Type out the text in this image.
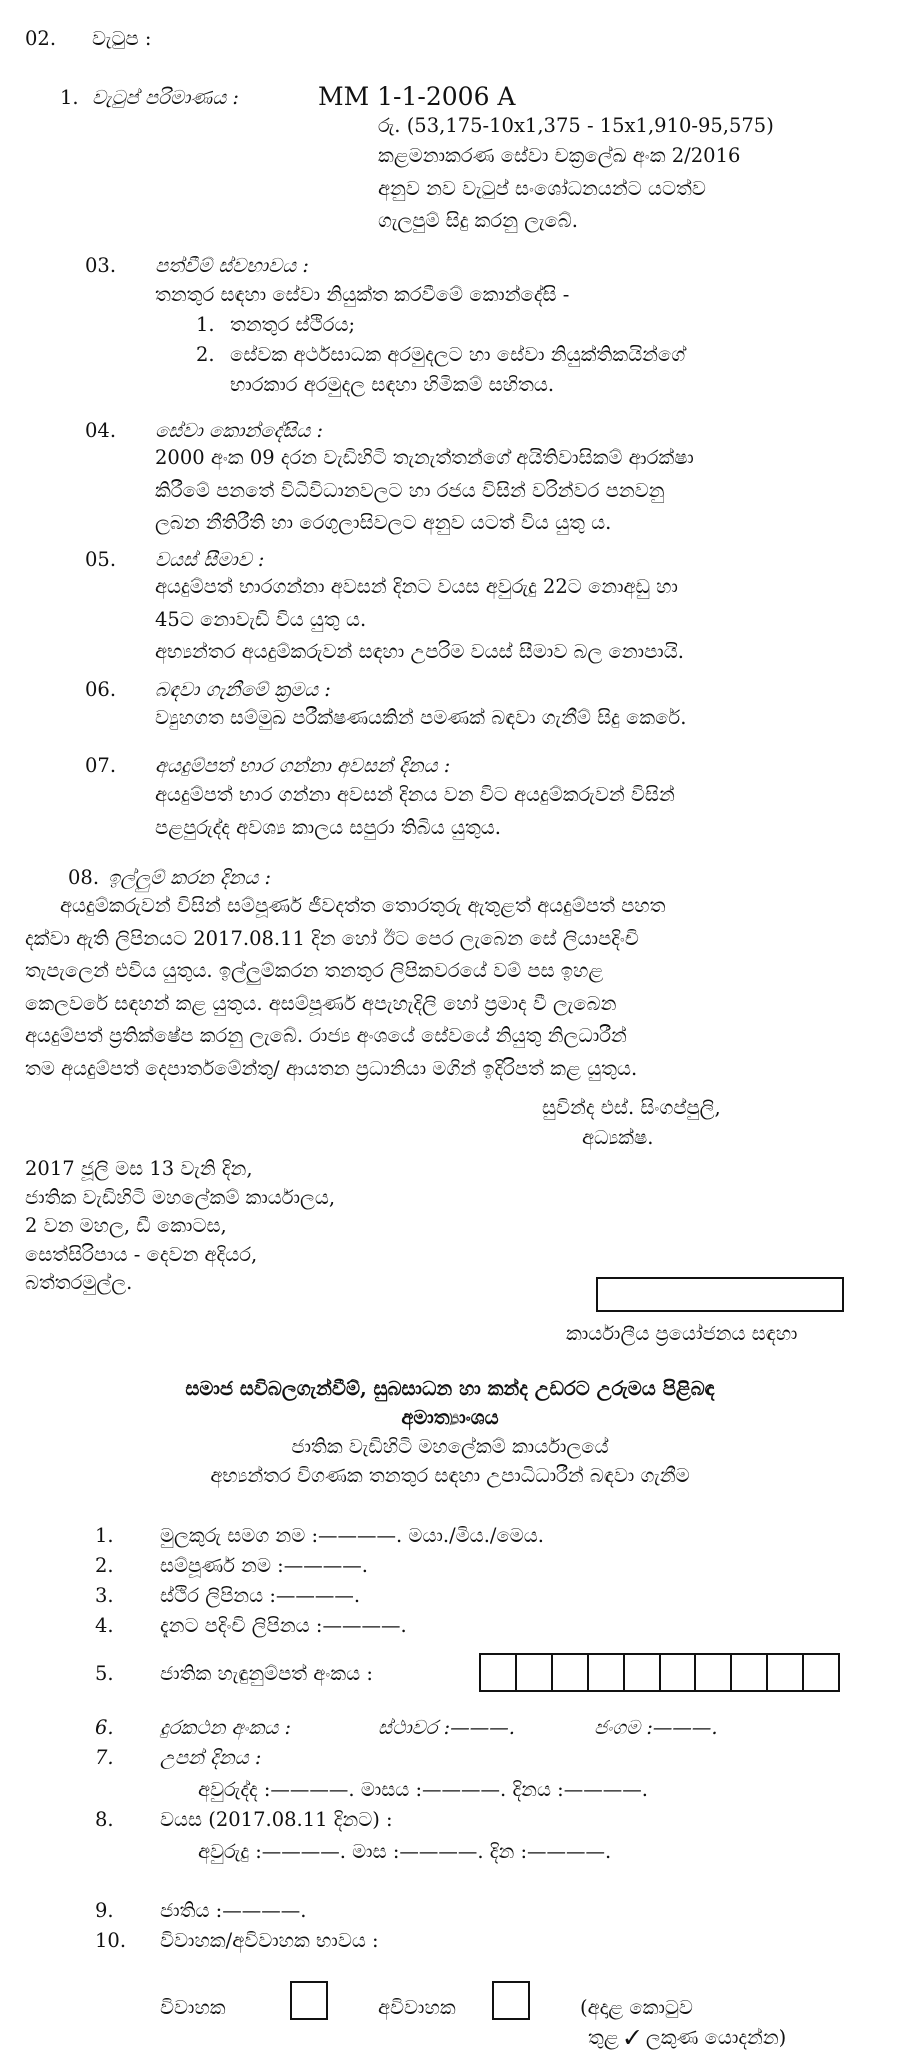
02. වැටුප :
1. වැටුප් පරිමාණය :	MM 1-1-2006 A
රු. (53,175-10x1,375 - 15x1,910-95,575)
කළමනාකරණ සේවා චක්‍රලේඛ අංක 2/2016
අනුව නව වැටුප් සංශෝධනයන්ට යටත්ව
ගැලපුම් සිදු කරනු ලැබේ.
03. පත්වීම් ස්වභාවය :
තනතුර සඳහා සේවා නියුක්ත කරවීමේ කොන්දේසි -
1. තනතුර ස්ථිරය;
2. සේවක අර්ථසාධක අරමුදලට හා සේවා නියුක්තිකයින්ගේ
භාරකාර අරමුදල සඳහා හිමිකම් සහිතය.
04. සේවා කොන්දේසිය :
2000 අංක 09 දරන වැඩිහිටි තැනැත්තන්ගේ අයිතිවාසිකම් ආරක්ෂා
කිරීමේ පනතේ විධිවිධානවලට හා රජය විසින් වරින්වර පනවනු
ලබන නීතිරීති හා රෙගුලාසිවලට අනුව යටත් විය යුතු ය.
05. වයස් සීමාව :
අයදුම්පත් භාරගන්නා අවසන් දිනට වයස අවුරුදු 22ට නොඅඩු හා
45ට නොවැඩි විය යුතු ය.
අභ්‍යන්තර අයදුම්කරුවන් සඳහා උපරිම වයස් සීමාව බල නොපායි.
06. බඳවා ගැනීමේ ක්‍රමය :
ව්‍යුහගත සම්මුඛ පරීක්ෂණයකින් පමණක් බඳවා ගැනීම් සිදු කෙරේ.
07. අයදුම්පත් භාර ගන්නා අවසන් දිනය :
අයදුම්පත් භාර ගන්නා අවසන් දිනය වන විට අයදුම්කරුවන් විසින්
පළපුරුද්ද අවශ්‍ය කාලය සපුරා තිබිය යුතුය.
08. ඉල්ලුම් කරන දිනය :
අයදුම්කරුවන් විසින් සම්පූර්ණ ජීවදත්ත තොරතුරු ඇතුළත් අයදුම්පත් පහත
දක්වා ඇති ලිපිනයට 2017.08.11 දින හෝ ඊට පෙර ලැබෙන සේ ලියාපදිංචි
තැපැලෙන් එවිය යුතුය. ඉල්ලුම්කරන තනතුර ලිපිකවරයේ වම් පස ඉහළ
කෙලවරේ සඳහන් කළ යුතුය. අසම්පූර්ණ අපැහැදිලි හෝ ප්‍රමාද වී ලැබෙන
අයදුම්පත් ප්‍රතික්ෂේප කරනු ලැබේ. රාජ්‍ය අංශයේ සේවයේ නියුතු නිලධාරීන්
තම අයදුම්පත් දෙපාර්තමේන්තු/ ආයතන ප්‍රධානියා මගින් ඉදිරිපත් කළ යුතුය.
සුවින්ද එස්. සිංගප්පුලි,
අධ්‍යක්ෂ.
2017 ජූලි මස 13 වැනි දින,
ජාතික වැඩිහිටි මහලේකම් කාර්යාලය,
2 වන මහල, ඩී කොටස,
සෙත්සිරිපාය - දෙවන අදියර,
බත්තරමුල්ල.
කාර්යාලීය ප්‍රයෝජනය සඳහා
සමාජ සවිබලගැන්වීම්, සුබසාධන හා කන්ද උඩරට උරුමය පිළිබඳ
අමාත්‍යාංශය
ජාතික වැඩිහිටි මහලේකම් කාර්යාලයේ
අභ්‍යන්තර විගණක තනතුර සඳහා උපාධිධාරීන් බඳවා ගැනීම
1. මුලකුරු සමග නම :————. මයා./මිය./මෙය.
2. සම්පූර්ණ නම :————.
3. ස්ථිර ලිපිනය :————.
4. දැනට පදිංචි ලිපිනය :————.
5. ජාතික හැඳුනුම්පත් අංකය :
6. දුරකථන අංකය :	ස්ථාවර :———.	ජංගම :———.
7. උපන් දිනය :
අවුරුද්ද :————. මාසය :————. දිනය :————.
8. වයස (2017.08.11 දිනට) :
අවුරුදු :————. මාස :————. දින :————.
9. ජාතිය :————.
10. විවාහක/අවිවාහක භාවය :
විවාහක	අවිවාහක	(අදාළ කොටුව
තුළ ✓ ලකුණ යොදන්න)
